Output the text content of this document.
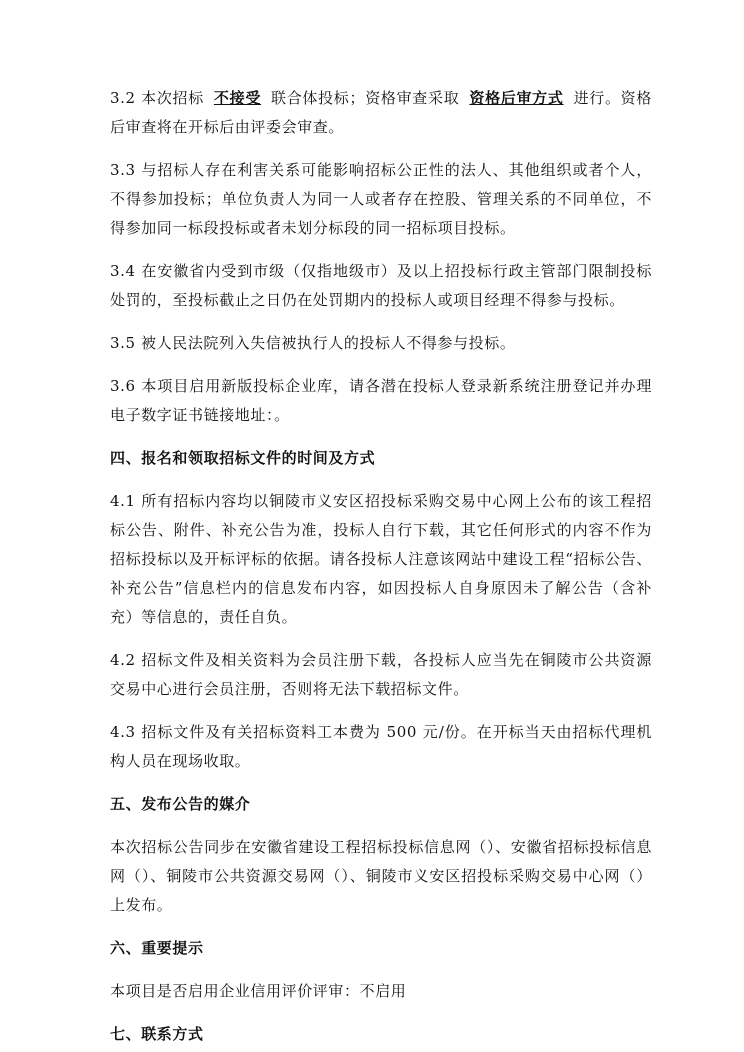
3.2 本次招标 不接受 联合体投标；资格审查采取 资格后审方式 进行。资格后审查将在开标后由评委会审查。

3.3 与招标人存在利害关系可能影响招标公正性的法人、其他组织或者个人，不得参加投标；单位负责人为同一人或者存在控股、管理关系的不同单位，不得参加同一标段投标或者未划分标段的同一招标项目投标。

3.4 在安徽省内受到市级（仅指地级市）及以上招投标行政主管部门限制投标处罚的，至投标截止之日仍在处罚期内的投标人或项目经理不得参与投标。

3.5 被人民法院列入失信被执行人的投标人不得参与投标。

3.6 本项目启用新版投标企业库，请各潜在投标人登录新系统注册登记并办理电子数字证书链接地址：。

四、报名和领取招标文件的时间及方式

4.1 所有招标内容均以铜陵市义安区招投标采购交易中心网上公布的该工程招标公告、附件、补充公告为准，投标人自行下载，其它任何形式的内容不作为招标投标以及开标评标的依据。请各投标人注意该网站中建设工程“招标公告、补充公告”信息栏内的信息发布内容，如因投标人自身原因未了解公告（含补充）等信息的，责任自负。

4.2 招标文件及相关资料为会员注册下载，各投标人应当先在铜陵市公共资源交易中心进行会员注册，否则将无法下载招标文件。

4.3 招标文件及有关招标资料工本费为 500 元/份。在开标当天由招标代理机构人员在现场收取。

五、发布公告的媒介

本次招标公告同步在安徽省建设工程招标投标信息网（）、安徽省招标投标信息网（）、铜陵市公共资源交易网（）、铜陵市义安区招投标采购交易中心网（）上发布。

六、重要提示

本项目是否启用企业信用评价评审：不启用

七、联系方式
